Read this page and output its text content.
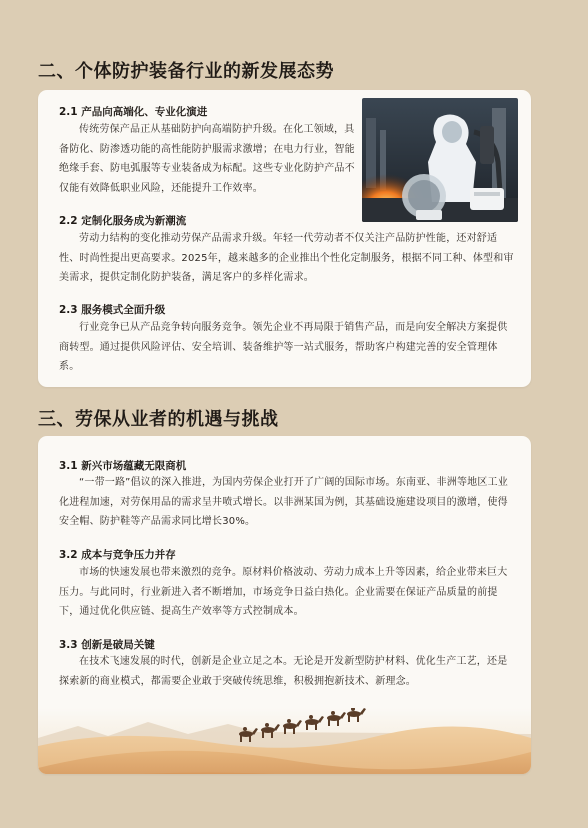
二、个体防护装备行业的新发展态势
2.1 产品向高端化、专业化演进

传统劳保产品正从基础防护向高端防护升级。在化工领域，具备防化、防渗透功能的高性能防护服需求激增；在电力行业，智能绝缘手套、防电弧服等专业装备成为标配。这些专业化防护产品不仅能有效降低职业风险，还能提升工作效率。

2.2 定制化服务成为新潮流

劳动力结构的变化推动劳保产品需求升级。年轻一代劳动者不仅关注产品防护性能，还对舒适性、时尚性提出更高要求。2025年，越来越多的企业推出个性化定制服务，根据不同工种、体型和审美需求，提供定制化防护装备，满足客户的多样化需求。

2.3 服务模式全面升级

行业竞争已从产品竞争转向服务竞争。领先企业不再局限于销售产品，而是向安全解决方案提供商转型。通过提供风险评估、安全培训、装备维护等一站式服务，帮助客户构建完善的安全管理体系。

三、劳保从业者的机遇与挑战
3.1 新兴市场蕴藏无限商机

“一带一路”倡议的深入推进，为国内劳保企业打开了广阔的国际市场。东南亚、非洲等地区工业化进程加速，对劳保用品的需求呈井喷式增长。以非洲某国为例，其基础设施建设项目的激增，使得安全帽、防护鞋等产品需求同比增长30%。

3.2 成本与竞争压力并存

市场的快速发展也带来激烈的竞争。原材料价格波动、劳动力成本上升等因素，给企业带来巨大压力。与此同时，行业新进入者不断增加，市场竞争日益白热化。企业需要在保证产品质量的前提下，通过优化供应链、提高生产效率等方式控制成本。

3.3 创新是破局关键

在技术飞速发展的时代，创新是企业立足之本。无论是开发新型防护材料、优化生产工艺，还是探索新的商业模式，都需要企业敢于突破传统思维，积极拥抱新技术、新理念。
